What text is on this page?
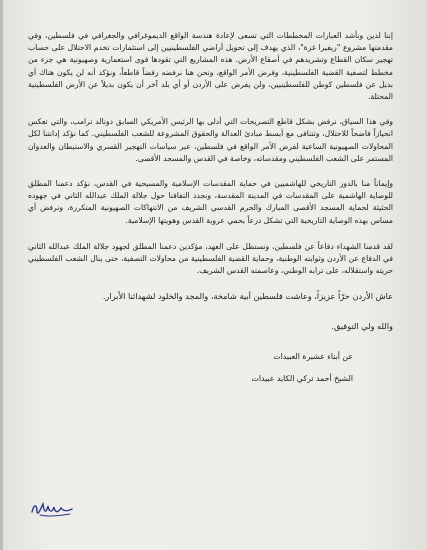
إننا لدين ونأشد العبارات المخططات التي تسعى لإعادة هندسة الواقع الديموغرافي والجغرافي في فلسطين، وفي مقدمتها مشروع "ريفيرا غزة"، الذي يهدف إلى تحويل أراضي الفلسطينيين إلى استثمارات تخدم الاحتلال على حساب تهجير سكان القطاع وتشريدهم في أصقاع الأرض. هذه المشاريع التي تقودها قوى استعمارية وصهيونية هي جزء من مخطط لتصفية القضية الفلسطينية، وفرض الأمر الواقع، ونحن هنا نرفضه رفضاً قاطعاً، ونؤكد أنه لن يكون هناك أي بديل عن فلسطين كوطن للفلسطينيين، ولن يفرض على الأردن أو أي بلد آخر أن يكون بديلاً عن الأرض الفلسطينية المحتلة.

وفي هذا السياق، نرفض بشكل قاطع التصريحات التي أدلى بها الرئيس الأمريكي السابق دونالد ترامب، والتي تعكس انحيازاً فاضحاً للاحتلال، وتتنافى مع أبسط مبادئ العدالة والحقوق المشروعة للشعب الفلسطيني. كما نؤكد إدانتنا لكل المحاولات الصهيونية الساعية لفرض الأمر الواقع في فلسطين، عبر سياسات التهجير القسري والاستيطان والعدوان المستمر على الشعب الفلسطيني ومقدساته، وخاصة في القدس والمسجد الأقصى.

وإيماناً منا بالدور التاريخي للهاشميين في حماية المقدسات الإسلامية والمسيحية في القدس، نؤكد دعمنا المطلق للوصاية الهاشمية على المقدسات في المدينة المقدسة، ونجدد التفافنا حول جلالة الملك عبدالله الثاني في جهوده الحثيثة لحماية المسجد الأقصى المبارك والحرم القدسي الشريف من الانتهاكات الصهيونية المتكررة، ونرفض أي مساس بهذه الوصاية التاريخية التي تشكل درعاً يحمي عروبة القدس وهويتها الإسلامية.

لقد قدمنا الشهداء دفاعاً عن فلسطين، ونستظل على العهد، مؤكدين دعمنا المطلق لجهود جلالة الملك عبدالله الثاني في الدفاع عن الأردن وثوابته الوطنية، وحماية القضية الفلسطينية من محاولات التصفية، حتى ينال الشعب الفلسطيني حريته واستقلاله، على ترابه الوطني، وعاصمته القدس الشريف.

عاش الأردن حرّاً عزيزاً، وعاشت فلسطين أبية شامخة، والمجد والخلود لشهدائنا الأبرار.

والله ولي التوفيق.

عن أبناء عشيرة العبيدات
الشيخ أحمد تركي الكايد عبيدات
